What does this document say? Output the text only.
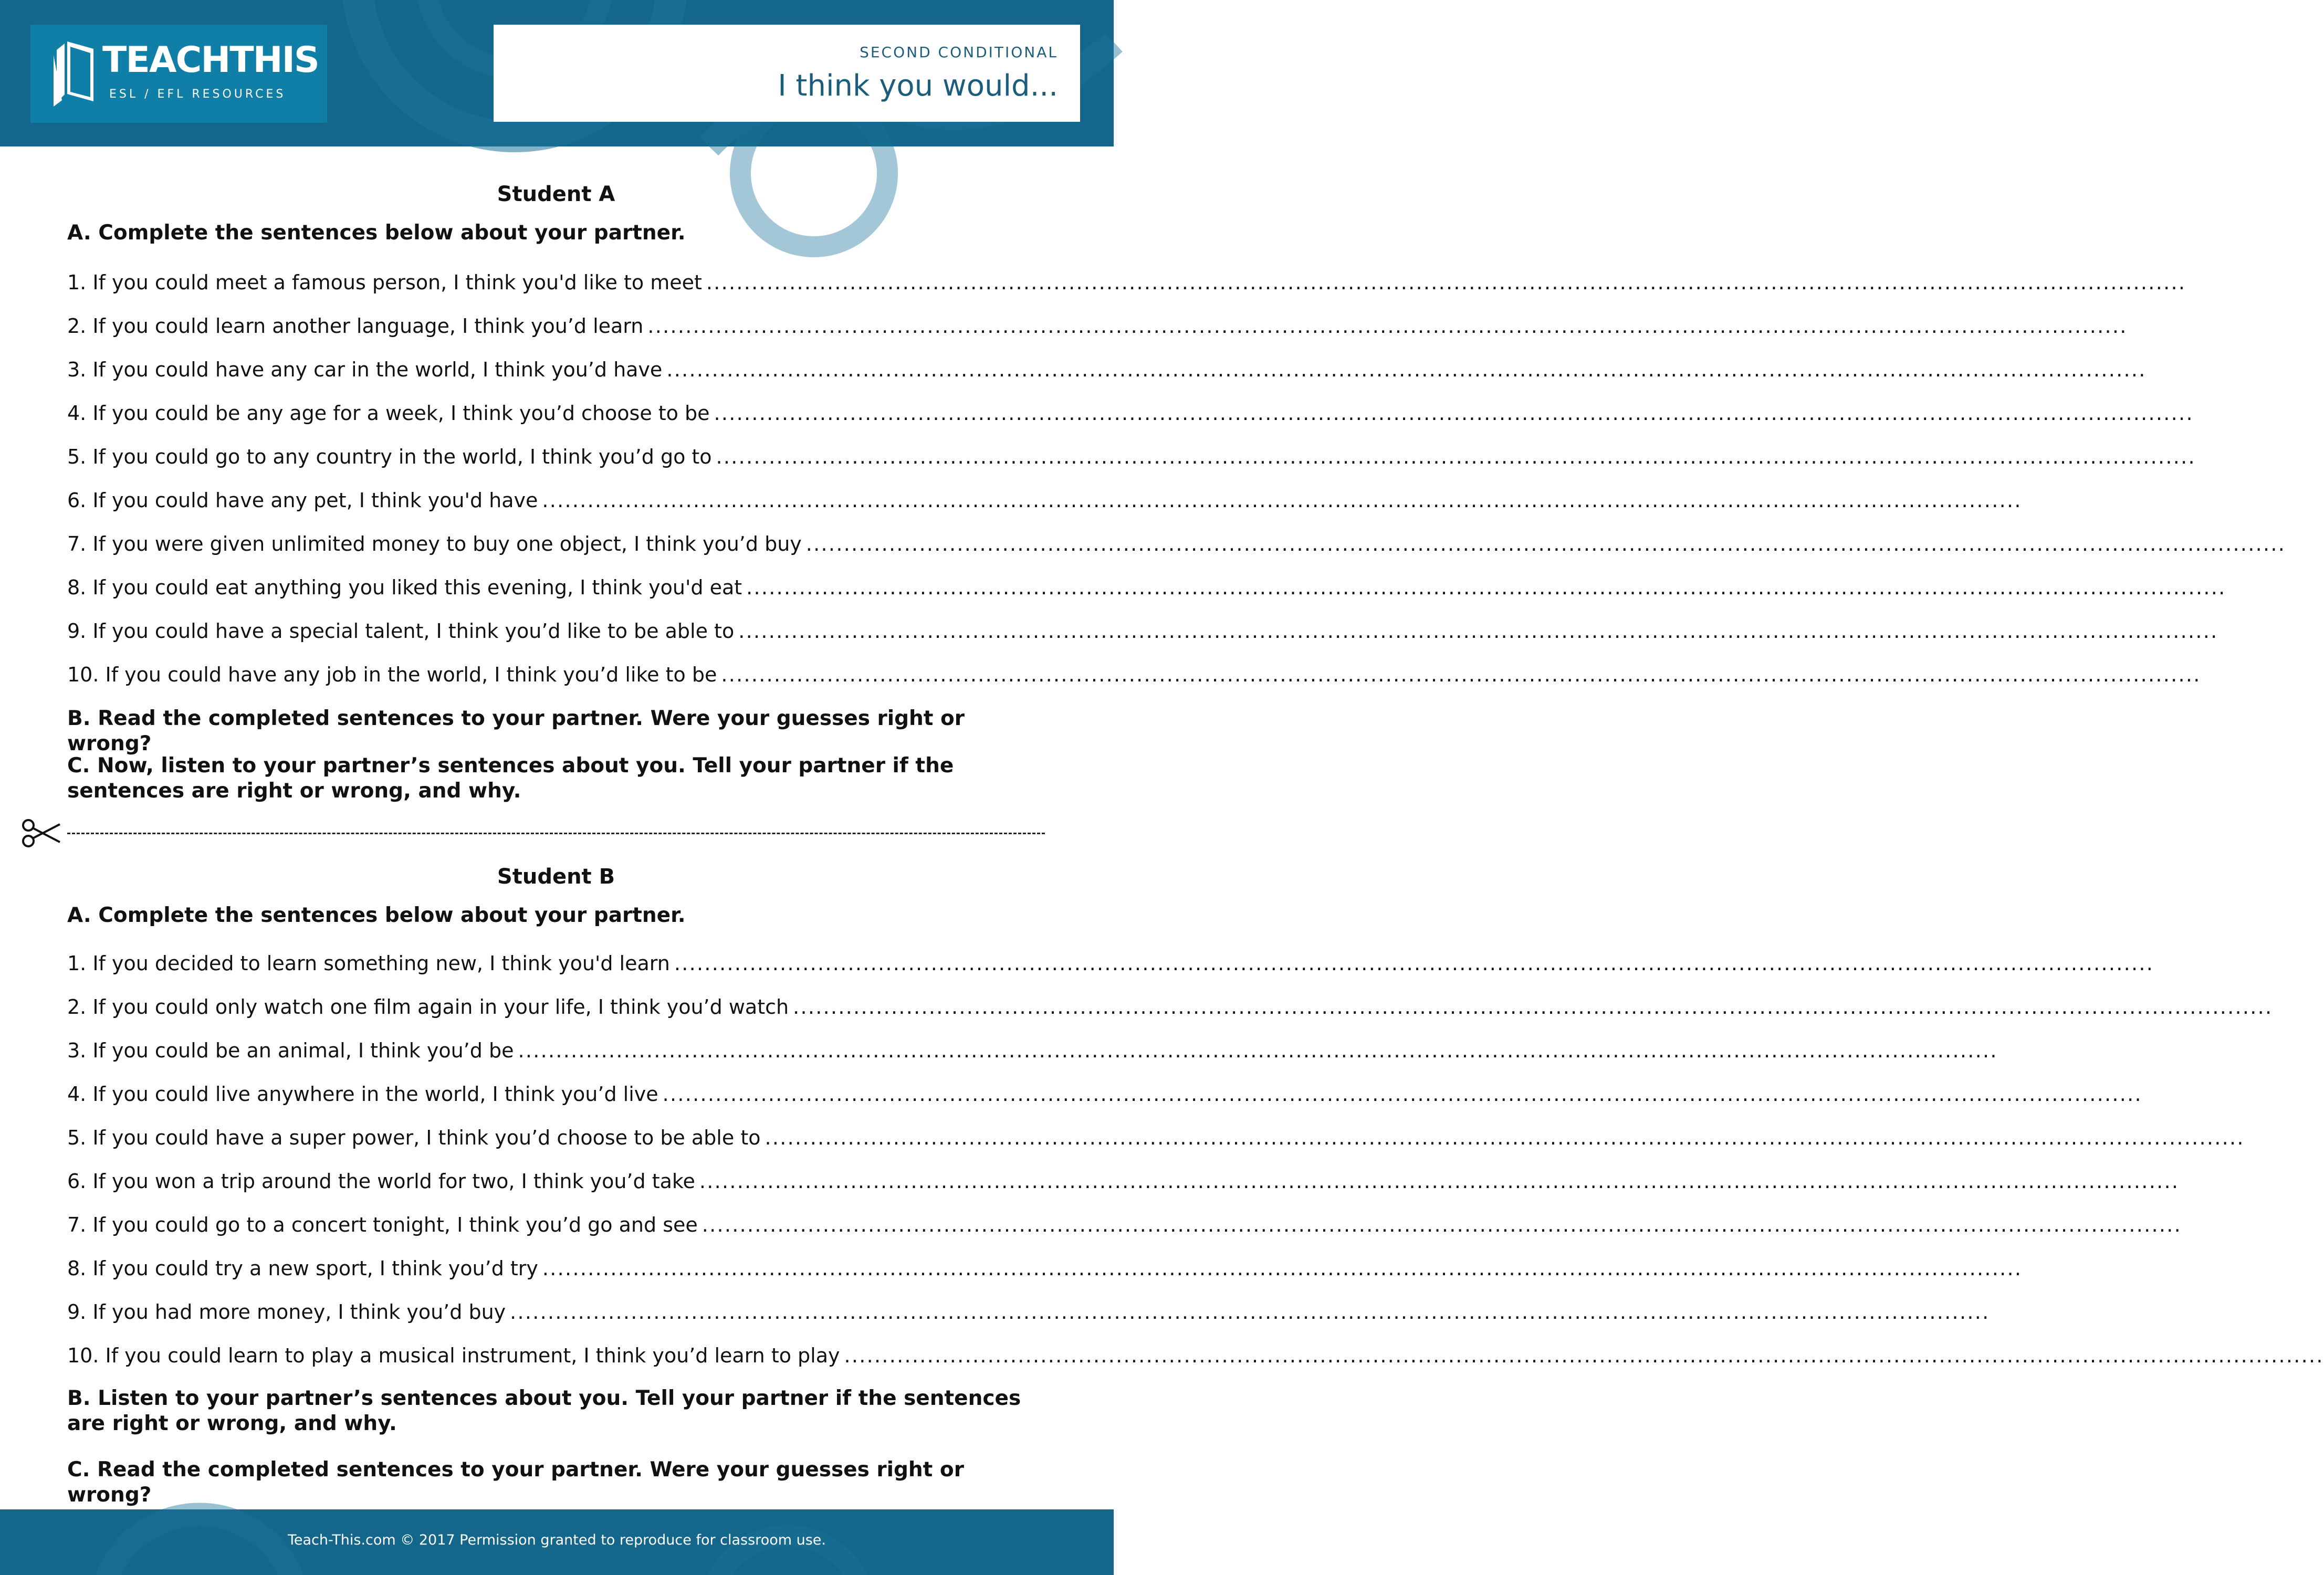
TEACHTHIS
ESL / EFL RESOURCES
SECOND CONDITIONAL
I think you would...
Student A
A. Complete the sentences below about your partner.
1. If you could meet a famous person, I think you'd like to meet ....................................................................................................................................................................................................
2. If you could learn another language, I think you’d learn ....................................................................................................................................................................................................
3. If you could have any car in the world, I think you’d have ....................................................................................................................................................................................................
4. If you could be any age for a week, I think you’d choose to be ....................................................................................................................................................................................................
5. If you could go to any country in the world, I think you’d go to ....................................................................................................................................................................................................
6. If you could have any pet, I think you'd have ....................................................................................................................................................................................................
7. If you were given unlimited money to buy one object, I think you’d buy ....................................................................................................................................................................................................
8. If you could eat anything you liked this evening, I think you'd eat ....................................................................................................................................................................................................
9. If you could have a special talent, I think you’d like to be able to ....................................................................................................................................................................................................
10. If you could have any job in the world, I think you’d like to be ....................................................................................................................................................................................................
B. Read the completed sentences to your partner. Were your guesses right or wrong?
C. Now, listen to your partner’s sentences about you. Tell your partner if the sentences are right or wrong, and why.
Student B
A. Complete the sentences below about your partner.
1. If you decided to learn something new, I think you'd learn ....................................................................................................................................................................................................
2. If you could only watch one film again in your life, I think you’d watch ....................................................................................................................................................................................................
3. If you could be an animal, I think you’d be ....................................................................................................................................................................................................
4. If you could live anywhere in the world, I think you’d live ....................................................................................................................................................................................................
5. If you could have a super power, I think you’d choose to be able to ....................................................................................................................................................................................................
6. If you won a trip around the world for two, I think you’d take ....................................................................................................................................................................................................
7. If you could go to a concert tonight, I think you’d go and see ....................................................................................................................................................................................................
8. If you could try a new sport, I think you’d try ....................................................................................................................................................................................................
9. If you had more money, I think you’d buy ....................................................................................................................................................................................................
10. If you could learn to play a musical instrument, I think you’d learn to play ....................................................................................................................................................................................................
B. Listen to your partner’s sentences about you. Tell your partner if the sentences are right or wrong, and why.
C. Read the completed sentences to your partner. Were your guesses right or wrong?
Teach-This.com © 2017 Permission granted to reproduce for classroom use.
